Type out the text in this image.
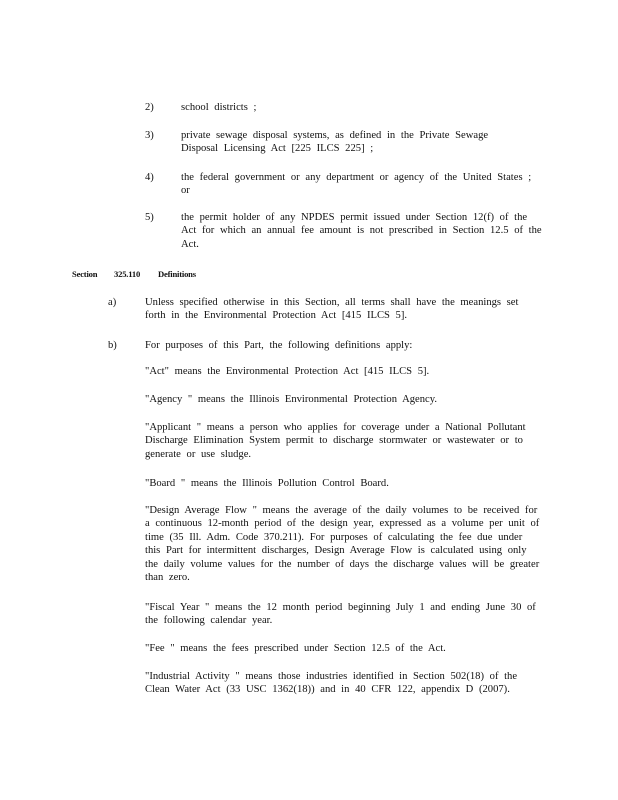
2)	school districts ;
3)	private sewage disposal systems, as defined in the Private Sewage Disposal Licensing Act [225 ILCS 225] ;
4)	the federal government or any department or agency of the United States ; or
5)	the permit holder of any NPDES permit issued under Section 12(f) of the Act for which an annual fee amount is not prescribed in Section 12.5 of the Act.
Section 325.110 Definitions
a)	Unless specified otherwise in this Section, all terms shall have the meanings set forth in the Environmental Protection Act [415 ILCS 5].
b)	For purposes of this Part, the following definitions apply:
"Act" means the Environmental Protection Act [415 ILCS 5].
"Agency " means the Illinois Environmental Protection Agency.
"Applicant " means a person who applies for coverage under a National Pollutant Discharge Elimination System permit to discharge stormwater or wastewater or to generate or use sludge.
"Board " means the Illinois Pollution Control Board.
"Design Average Flow " means the average of the daily volumes to be received for a continuous 12-month period of the design year, expressed as a volume per unit of time (35 Ill. Adm. Code 370.211). For purposes of calculating the fee due under this Part for intermittent discharges, Design Average Flow is calculated using only the daily volume values for the number of days the discharge values will be greater than zero.
"Fiscal Year " means the 12 month period beginning July 1 and ending June 30 of the following calendar year.
"Fee " means the fees prescribed under Section 12.5 of the Act.
"Industrial Activity " means those industries identified in Section 502(18) of the Clean Water Act (33 USC 1362(18)) and in 40 CFR 122, appendix D (2007).
